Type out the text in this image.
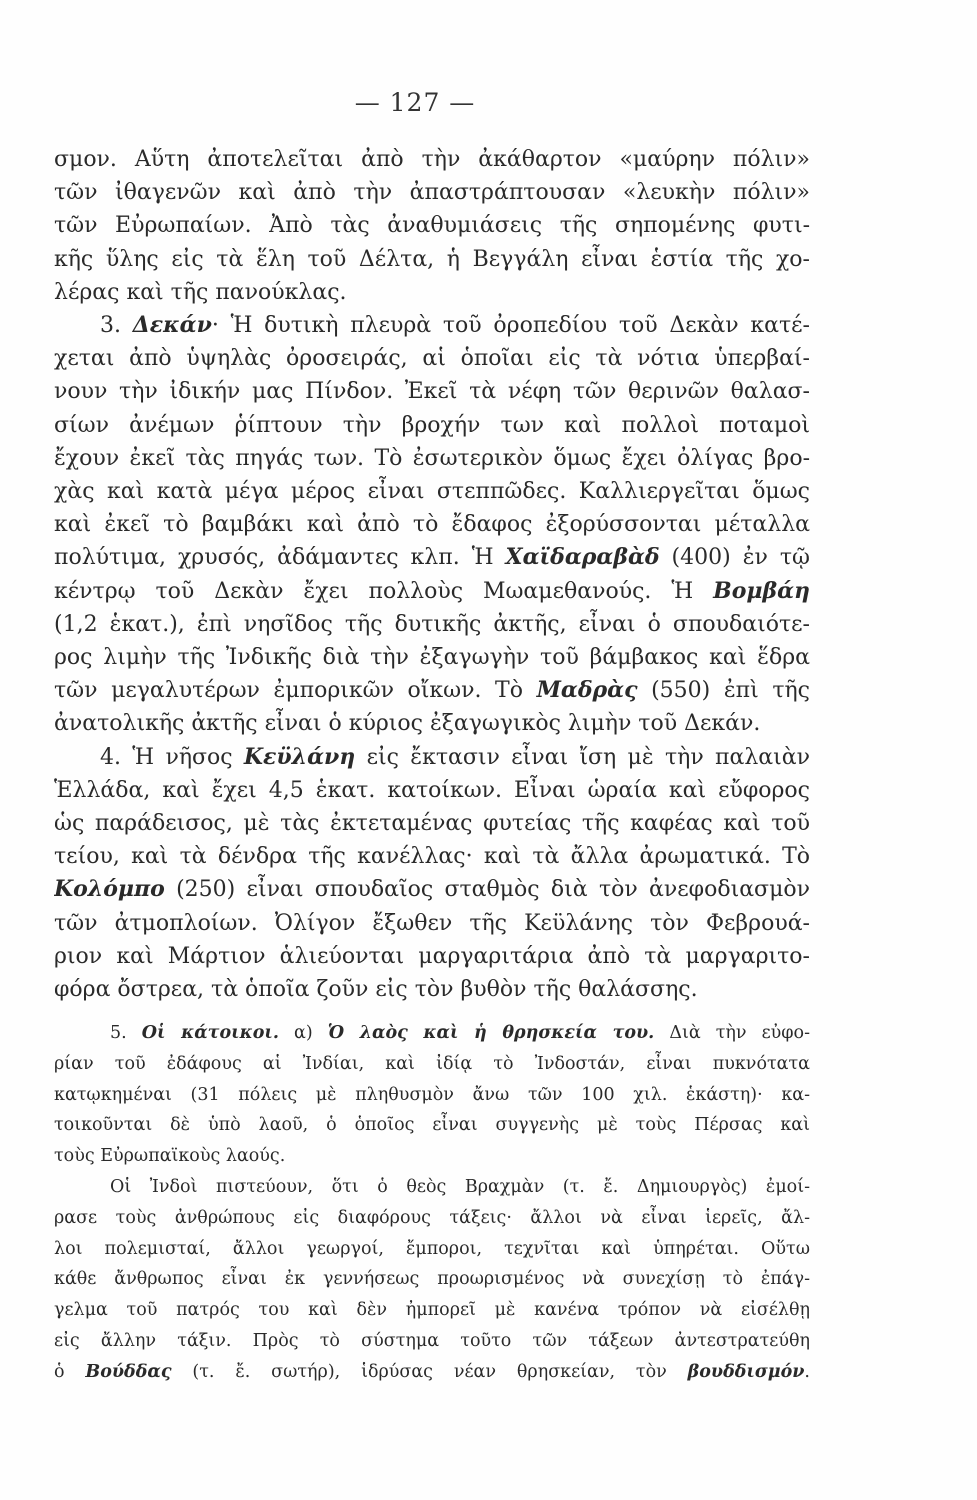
— 127 —
σμον. Αὕτη ἀποτελεῖται ἀπὸ τὴν ἀκάθαρτον «μαύρην πόλιν»
τῶν ἰθαγενῶν καὶ ἀπὸ τὴν ἀπαστράπτουσαν «λευκὴν πόλιν»
τῶν Εὐρωπαίων. Ἀπὸ τὰς ἀναθυμιάσεις τῆς σηπομένης φυτι-
κῆς ὕλης εἰς τὰ ἕλη τοῦ Δέλτα, ἡ Βεγγάλη εἶναι ἑστία τῆς χο-
λέρας καὶ τῆς πανούκλας.
3. Δεκάν· Ἡ δυτικὴ πλευρὰ τοῦ ὀροπεδίου τοῦ Δεκὰν κατέ-
χεται ἀπὸ ὑψηλὰς ὀροσειράς, αἱ ὁποῖαι εἰς τὰ νότια ὑπερβαί-
νουν τὴν ἰδικήν μας Πίνδον. Ἐκεῖ τὰ νέφη τῶν θερινῶν θαλασ-
σίων ἀνέμων ῥίπτουν τὴν βροχήν των καὶ πολλοὶ ποταμοὶ
ἔχουν ἐκεῖ τὰς πηγάς των. Τὸ ἐσωτερικὸν ὅμως ἔχει ὀλίγας βρο-
χὰς καὶ κατὰ μέγα μέρος εἶναι στεππῶδες. Καλλιεργεῖται ὅμως
καὶ ἐκεῖ τὸ βαμβάκι καὶ ἀπὸ τὸ ἔδαφος ἐξορύσσονται μέταλλα
πολύτιμα, χρυσός, ἀδάμαντες κλπ. Ἡ Χαϊδαραβὰδ (400) ἐν τῷ
κέντρῳ τοῦ Δεκὰν ἔχει πολλοὺς Μωαμεθανούς. Ἡ Βομβάη
(1,2 ἑκατ.), ἐπὶ νησῖδος τῆς δυτικῆς ἀκτῆς, εἶναι ὁ σπουδαιότε-
ρος λιμὴν τῆς Ἰνδικῆς διὰ τὴν ἐξαγωγὴν τοῦ βάμβακος καὶ ἕδρα
τῶν μεγαλυτέρων ἐμπορικῶν οἴκων. Τὸ Μαδρὰς (550) ἐπὶ τῆς
ἀνατολικῆς ἀκτῆς εἶναι ὁ κύριος ἐξαγωγικὸς λιμὴν τοῦ Δεκάν.
4. Ἡ νῆσος Κεϋλάνη εἰς ἔκτασιν εἶναι ἴση μὲ τὴν παλαιὰν
Ἑλλάδα, καὶ ἔχει 4,5 ἑκατ. κατοίκων. Εἶναι ὡραία καὶ εὔφορος
ὡς παράδεισος, μὲ τὰς ἐκτεταμένας φυτείας τῆς καφέας καὶ τοῦ
τείου, καὶ τὰ δένδρα τῆς κανέλλας· καὶ τὰ ἄλλα ἀρωματικά. Τὸ
Κολόμπο (250) εἶναι σπουδαῖος σταθμὸς διὰ τὸν ἀνεφοδιασμὸν
τῶν ἀτμοπλοίων. Ὀλίγον ἔξωθεν τῆς Κεϋλάνης τὸν Φεβρουά-
ριον καὶ Μάρτιον ἁλιεύονται μαργαριτάρια ἀπὸ τὰ μαργαριτο-
φόρα ὄστρεα, τὰ ὁποῖα ζοῦν εἰς τὸν βυθὸν τῆς θαλάσσης.
5. Οἱ κάτοικοι. α) Ὁ λαὸς καὶ ἡ θρησκεία του. Διὰ τὴν εὐφο-
ρίαν τοῦ ἐδάφους αἱ Ἰνδίαι, καὶ ἰδίᾳ τὸ Ἰνδοστάν, εἶναι πυκνότατα
κατῳκημέναι (31 πόλεις μὲ πληθυσμὸν ἄνω τῶν 100 χιλ. ἑκάστη)· κα-
τοικοῦνται δὲ ὑπὸ λαοῦ, ὁ ὁποῖος εἶναι συγγενὴς μὲ τοὺς Πέρσας καὶ
τοὺς Εὐρωπαϊκοὺς λαούς.
Οἱ Ἰνδοὶ πιστεύουν, ὅτι ὁ θεὸς Βραχμὰν (τ. ἔ. Δημιουργὸς) ἐμοί-
ρασε τοὺς ἀνθρώπους εἰς διαφόρους τάξεις· ἄλλοι νὰ εἶναι ἱερεῖς, ἄλ-
λοι πολεμισταί, ἄλλοι γεωργοί, ἔμποροι, τεχνῖται καὶ ὑπηρέται. Οὕτω
κάθε ἄνθρωπος εἶναι ἐκ γεννήσεως προωρισμένος νὰ συνεχίσῃ τὸ ἐπάγ-
γελμα τοῦ πατρός του καὶ δὲν ἠμπορεῖ μὲ κανένα τρόπον νὰ εἰσέλθῃ
εἰς ἄλλην τάξιν. Πρὸς τὸ σύστημα τοῦτο τῶν τάξεων ἀντεστρατεύθη
ὁ Βούδδας (τ. ἔ. σωτήρ), ἱδρύσας νέαν θρησκείαν, τὸν βουδδισμόν.
